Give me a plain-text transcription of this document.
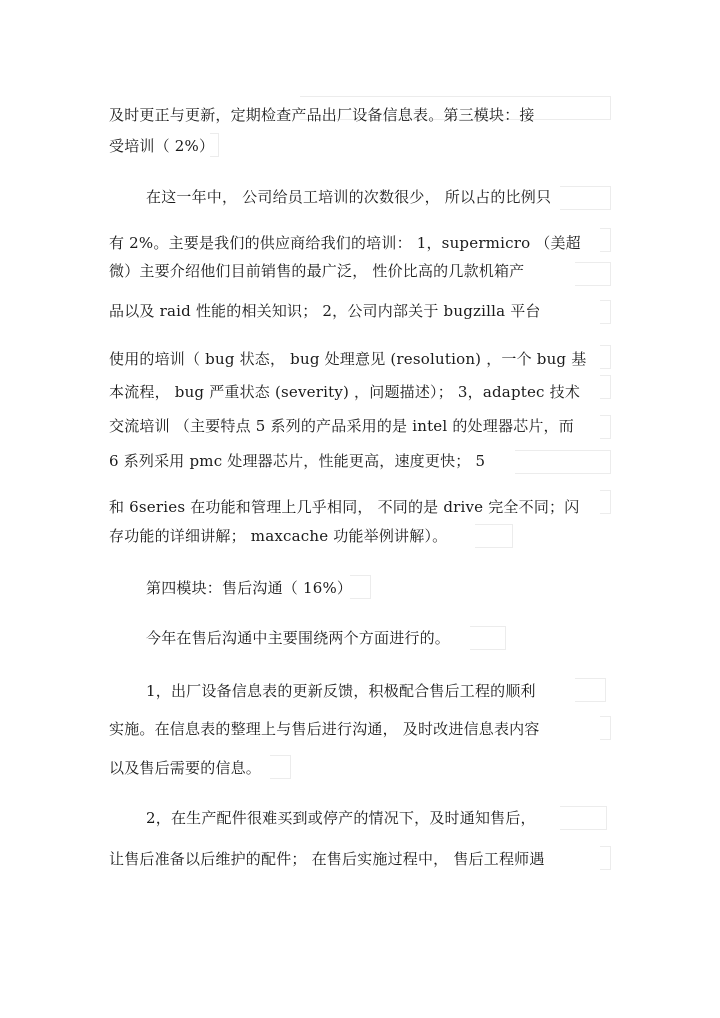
及时更正与更新，定期检查产品出厂设备信息表。第三模块：接
受培训（ 2%）
在这一年中， 公司给员工培训的次数很少， 所以占的比例只
有 2%。主要是我们的供应商给我们的培训： 1，supermicro （美超
微）主要介绍他们目前销售的最广泛， 性价比高的几款机箱产
品以及 raid 性能的相关知识； 2，公司内部关于 bugzilla 平台
使用的培训（ bug 状态， bug 处理意见 (resolution) ，一个 bug 基
本流程， bug 严重状态 (severity) ，问题描述）； 3，adaptec 技术
交流培训 （主要特点 5 系列的产品采用的是 intel 的处理器芯片，而
6 系列采用 pmc 处理器芯片，性能更高，速度更快； 5
和 6series 在功能和管理上几乎相同， 不同的是 drive 完全不同；闪
存功能的详细讲解； maxcache 功能举例讲解）。
第四模块：售后沟通（ 16%）
今年在售后沟通中主要围绕两个方面进行的。
1，出厂设备信息表的更新反馈，积极配合售后工程的顺利
实施。在信息表的整理上与售后进行沟通， 及时改进信息表内容
以及售后需要的信息。
2，在生产配件很难买到或停产的情况下，及时通知售后，
让售后准备以后维护的配件； 在售后实施过程中， 售后工程师遇
